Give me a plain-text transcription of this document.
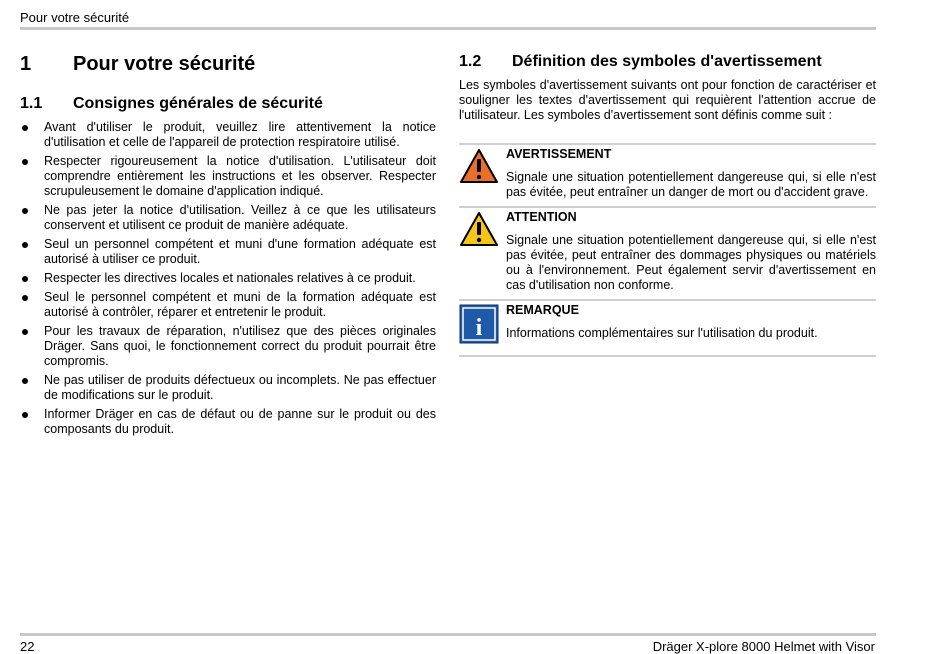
Pour votre sécurité
1	Pour votre sécurité
1.1	Consignes générales de sécurité
Avant d'utiliser le produit, veuillez lire attentivement la notice d'utilisation et celle de l'appareil de protection respiratoire utilisé.
Respecter rigoureusement la notice d'utilisation. L'utilisateur doit comprendre entièrement les instructions et les observer. Respecter scrupuleusement le domaine d'application indiqué.
Ne pas jeter la notice d'utilisation. Veillez à ce que les utilisateurs conservent et utilisent ce produit de manière adéquate.
Seul un personnel compétent et muni d'une formation adéquate est autorisé à utiliser ce produit.
Respecter les directives locales et nationales relatives à ce produit.
Seul le personnel compétent et muni de la formation adéquate est autorisé à contrôler, réparer et entretenir le produit.
Pour les travaux de réparation, n'utilisez que des pièces originales Dräger. Sans quoi, le fonctionnement correct du produit pourrait être compromis.
Ne pas utiliser de produits défectueux ou incomplets. Ne pas effectuer de modifications sur le produit.
Informer Dräger en cas de défaut ou de panne sur le produit ou des composants du produit.
1.2	Définition des symboles d'avertissement

Les symboles d'avertissement suivants ont pour fonction de caractériser et souligner les textes d'avertissement qui requièrent l'attention accrue de l'utilisateur. Les symboles d'avertissement sont définis comme suit :

AVERTISSEMENT

Signale une situation potentiellement dangereuse qui, si elle n'est pas évitée, peut entraîner un danger de mort ou d'accident grave.

ATTENTION

Signale une situation potentiellement dangereuse qui, si elle n'est pas évitée, peut entraîner des dommages physiques ou matériels ou à l'environnement. Peut également servir d'avertissement en cas d'utilisation non conforme.

i
REMARQUE

Informations complémentaires sur l'utilisation du produit.

22	Dräger X-plore 8000 Helmet with Visor
